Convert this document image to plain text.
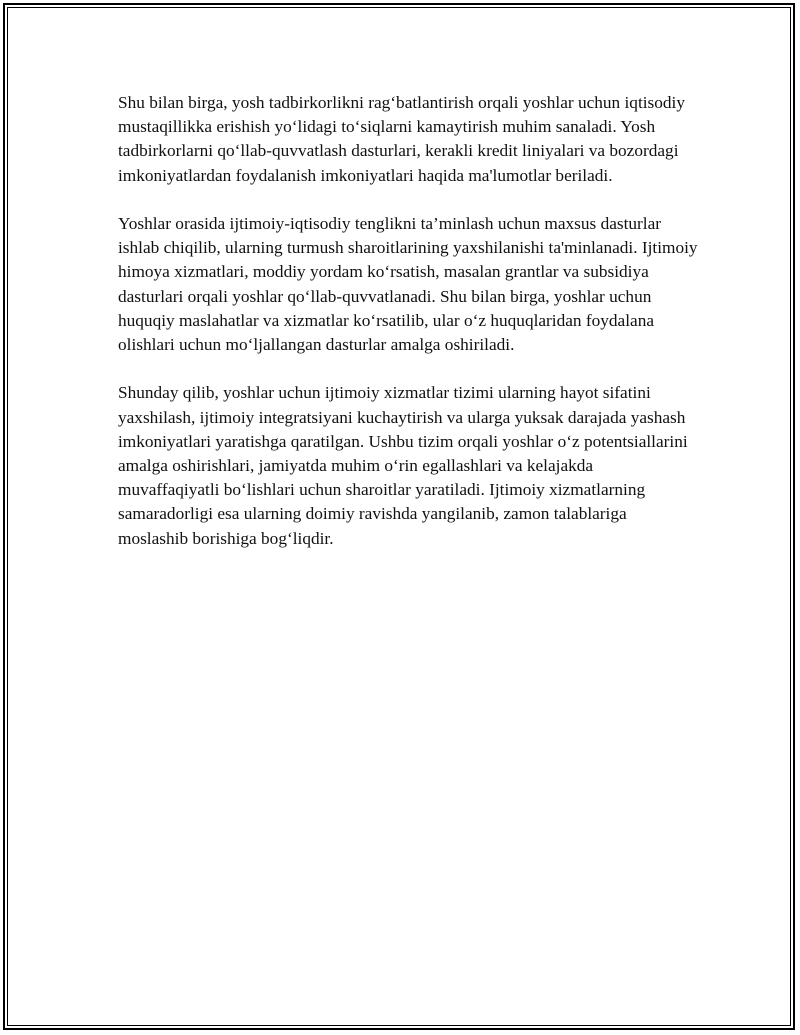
Shu bilan birga, yosh tadbirkorlikni rag‘batlantirish orqali yoshlar uchun iqtisodiy mustaqillikka erishish yo‘lidagi to‘siqlarni kamaytirish muhim sanaladi. Yosh tadbirkorlarni qo‘llab-quvvatlash dasturlari, kerakli kredit liniyalari va bozordagi imkoniyatlardan foydalanish imkoniyatlari haqida ma'lumotlar beriladi.

Yoshlar orasida ijtimoiy-iqtisodiy tenglikni ta’minlash uchun maxsus dasturlar ishlab chiqilib, ularning turmush sharoitlarining yaxshilanishi ta'minlanadi. Ijtimoiy himoya xizmatlari, moddiy yordam ko‘rsatish, masalan grantlar va subsidiya dasturlari orqali yoshlar qo‘llab-quvvatlanadi. Shu bilan birga, yoshlar uchun huquqiy maslahatlar va xizmatlar ko‘rsatilib, ular o‘z huquqlaridan foydalana olishlari uchun mo‘ljallangan dasturlar amalga oshiriladi.

Shunday qilib, yoshlar uchun ijtimoiy xizmatlar tizimi ularning hayot sifatini yaxshilash, ijtimoiy integratsiyani kuchaytirish va ularga yuksak darajada yashash imkoniyatlari yaratishga qaratilgan. Ushbu tizim orqali yoshlar o‘z potentsiallarini amalga oshirishlari, jamiyatda muhim o‘rin egallashlari va kelajakda muvaffaqiyatli bo‘lishlari uchun sharoitlar yaratiladi. Ijtimoiy xizmatlarning samaradorligi esa ularning doimiy ravishda yangilanib, zamon talablariga moslashib borishiga bog‘liqdir.
